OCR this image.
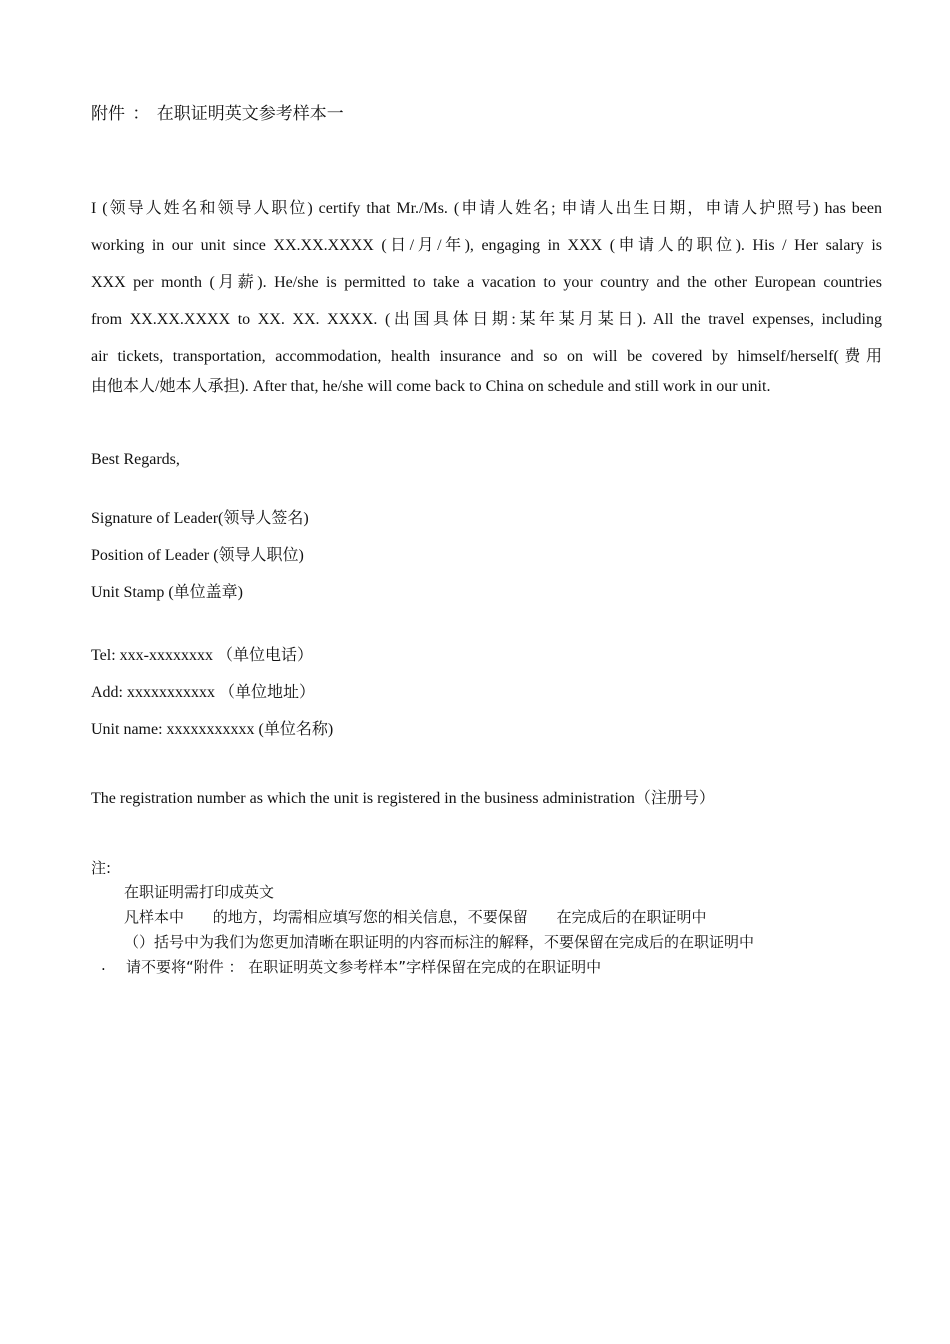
附件 ： 在职证明英文参考样本一
I (领导人姓名和领导人职位) certify that Mr./Ms. (申请人姓名; 申请人出生日期，申请人护照号) has been
working in our unit since XX.XX.XXXX (日/月/年), engaging in XXX (申请人的职位). His / Her salary is
XXX per month (月薪). He/she is permitted to take a vacation to your country and the other European countries
from XX.XX.XXXX to XX. XX. XXXX. (出国具体日期:某年某月某日). All the travel expenses, including
air tickets, transportation, accommodation, health insurance and so on will be covered by himself/herself(费用
由他本人/她本人承担). After that, he/she will come back to China on schedule and still work in our unit.
Best Regards,
Signature of Leader(领导人签名)
Position of Leader (领导人职位)
Unit Stamp (单位盖章)
Tel: xxx-xxxxxxxx （单位电话）
Add: xxxxxxxxxxx （单位地址）
Unit name: xxxxxxxxxxx (单位名称)
The registration number as which the unit is registered in the business administration（注册号）
注:
在职证明需打印成英文
凡样本中 的地方，均需相应填写您的相关信息，不要保留 在完成后的在职证明中
（）括号中为我们为您更加清晰在职证明的内容而标注的解释，不要保留在完成后的在职证明中
. 请不要将“附件 ： 在职证明英文参考样本”字样保留在完成的在职证明中
